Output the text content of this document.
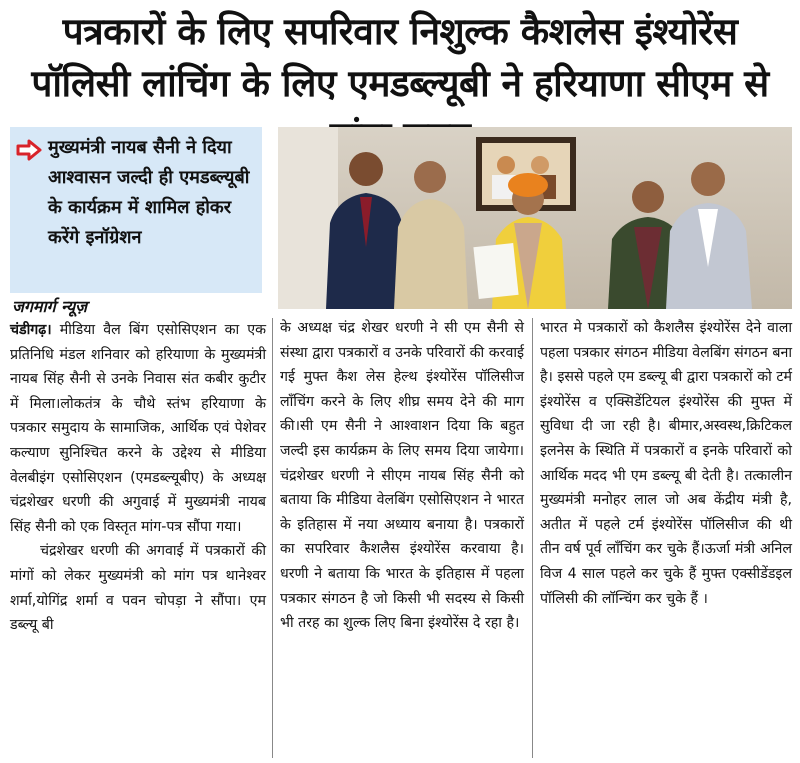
पत्रकारों के लिए सपरिवार निशुल्क कैशलेस इंश्योरेंस पॉलिसी लांचिंग के लिए एमडब्ल्यूबी ने हरियाणा सीएम से
मुख्यमंत्री नायब सैनी ने दिया आश्वासन जल्दी ही एमडब्ल्यूबी के कार्यक्रम में शामिल होकर करेंगे इनॉग्रेशन
जगमार्ग न्यूज़

चंडीगढ़। मीडिया वैल बिंग एसोसिएशन का एक प्रतिनिधि मंडल शनिवार को हरियाणा के मुख्यमंत्री नायब सिंह सैनी से उनके निवास संत कबीर कुटीर में मिला।लोकतंत्र के चौथे स्तंभ हरियाणा के पत्रकार समुदाय के सामाजिक, आर्थिक एवं पेशेवर कल्याण सुनिश्चित करने के उद्देश्य से मीडिया वेलबीइंग एसोसिएशन (एमडब्ल्यूबीए) के अध्यक्ष चंद्रशेखर धरणी की अगुवाई में मुख्यमंत्री नायब सिंह सैनी को एक विस्तृत मांग-पत्र सौंपा गया।

चंद्रशेखर धरणी की अगवाई में पत्रकारों की मांगों को लेकर मुख्यमंत्री को मांग पत्र थानेश्वर शर्मा,योगिंद्र शर्मा व पवन चोपड़ा ने सौंपा। एम डब्ल्यू बी

के अध्यक्ष चंद्र शेखर धरणी ने सी एम सैनी से संस्था द्वारा पत्रकारों व उनके परिवारों की करवाई गई मुफ्त कैश लेस हेल्थ इंश्योरेंस पॉलिसीज लाँचिंग करने के लिए शीघ्र समय देने की माग की।सी एम सैनी ने आश्वाशन दिया कि बहुत जल्दी इस कार्यक्रम के लिए समय दिया जायेगा। चंद्रशेखर धरणी ने सीएम नायब सिंह सैनी को बताया कि मीडिया वेलबिंग एसोसिएशन ने भारत के इतिहास में नया अध्याय बनाया है। पत्रकारों का सपरिवार कैशलैस इंश्योरेंस करवाया है। धरणी ने बताया कि भारत के इतिहास में पहला पत्रकार संगठन है जो किसी भी सदस्य से किसी भी तरह का शुल्क लिए बिना इंश्योरेंस दे रहा है।

भारत मे पत्रकारों को कैशलैस इंश्योरेंस देने वाला पहला पत्रकार संगठन मीडिया वेलबिंग संगठन बना है। इससे पहले एम डब्ल्यू बी द्वारा पत्रकारों को टर्म इंश्योरेंस व एक्सिडेंटियल इंश्योरेंस की मुफ्त में सुविधा दी जा रही है। बीमार,अस्वस्थ,क्रिटिकल इलनेस के स्थिति में पत्रकारों व इनके परिवारों को आर्थिक मदद भी एम डब्ल्यू बी देती है। तत्कालीन मुख्यमंत्री मनोहर लाल जो अब केंद्रीय मंत्री है, अतीत में पहले टर्म इंश्योरेंस पॉलिसीज की थी तीन वर्ष पूर्व लाँचिंग कर चुके हैं।ऊर्जा मंत्री अनिल विज 4 साल पहले कर चुके हैं मुफ्त एक्सीडेंडइल पॉलिसी की लॉन्चिंग कर चुके हैं ।
